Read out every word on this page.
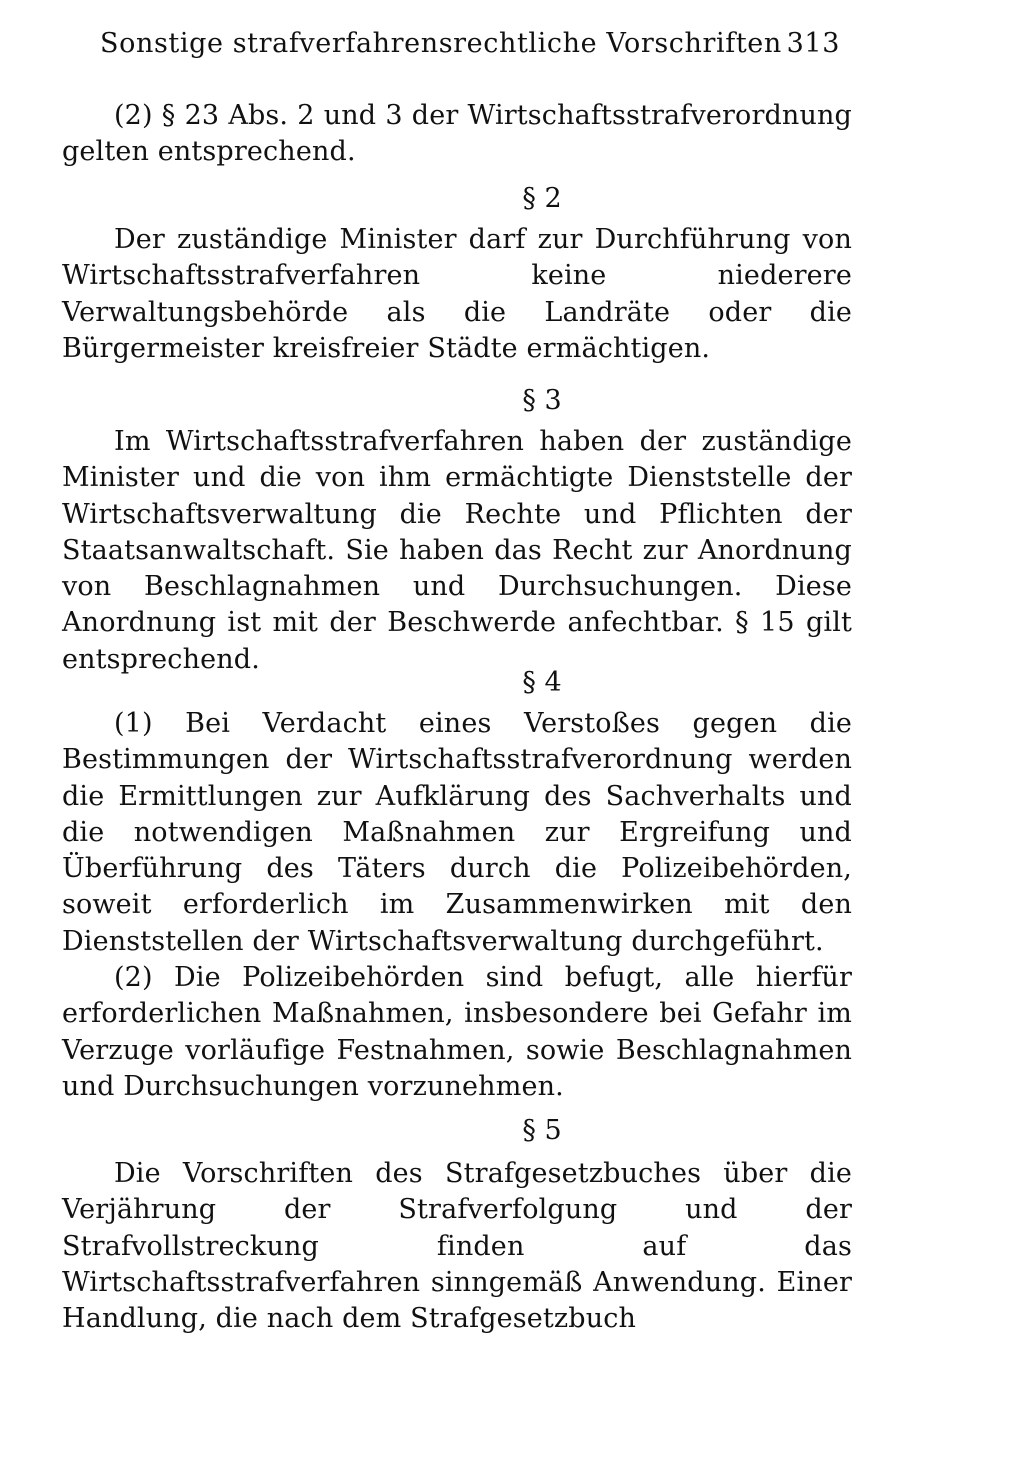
Sonstige strafverfahrensrechtliche Vorschriften 313

(2) § 23 Abs. 2 und 3 der Wirtschaftsstrafverordnung gelten entsprechend.

§ 2

Der zuständige Minister darf zur Durchführung von Wirtschaftsstrafverfahren keine niederere Verwaltungsbehörde als die Landräte oder die Bürgermeister kreisfreier Städte ermächtigen.

§ 3

Im Wirtschaftsstrafverfahren haben der zuständige Minister und die von ihm ermächtigte Dienststelle der Wirtschaftsverwaltung die Rechte und Pflichten der Staatsanwaltschaft. Sie haben das Recht zur Anordnung von Beschlagnahmen und Durchsuchungen. Diese Anordnung ist mit der Beschwerde anfechtbar. § 15 gilt entsprechend.

§ 4

(1) Bei Verdacht eines Verstoßes gegen die Bestimmungen der Wirtschaftsstrafverordnung werden die Ermittlungen zur Aufklärung des Sachverhalts und die notwendigen Maßnahmen zur Ergreifung und Überführung des Täters durch die Polizeibehörden, soweit erforderlich im Zusammenwirken mit den Dienststellen der Wirtschaftsverwaltung durchgeführt.

(2) Die Polizeibehörden sind befugt, alle hierfür erforderlichen Maßnahmen, insbesondere bei Gefahr im Verzuge vorläufige Festnahmen, sowie Beschlagnahmen und Durchsuchungen vorzunehmen.

§ 5

Die Vorschriften des Strafgesetzbuches über die Verjährung der Strafverfolgung und der Strafvollstreckung finden auf das Wirtschaftsstrafverfahren sinngemäß Anwendung. Einer Handlung, die nach dem Strafgesetzbuch
